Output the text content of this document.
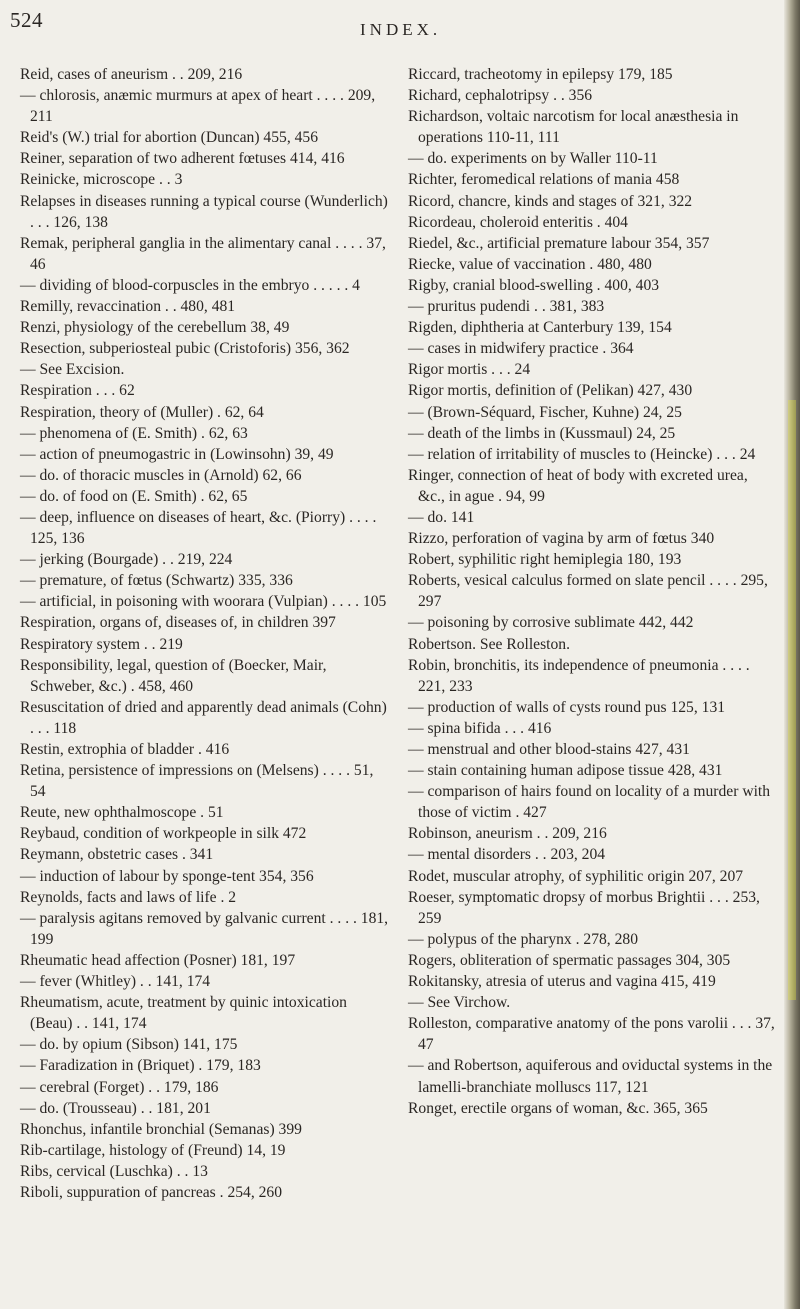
524	INDEX.
Reid, cases of aneurism . . 209, 216
— chlorosis, anæmic murmurs at apex of heart . . . . 209, 211
Reid's (W.) trial for abortion (Duncan) 455, 456
Reiner, separation of two adherent fœtuses 414, 416
Reinicke, microscope . . 3
Relapses in diseases running a typical course (Wunderlich) . . . 126, 138
Remak, peripheral ganglia in the alimentary canal . . . . 37, 46
— dividing of blood-corpuscles in the embryo . . . . . 4
Remilly, revaccination . . 480, 481
Renzi, physiology of the cerebellum 38, 49
Resection, subperiosteal pubic (Cristoforis) 356, 362
— See Excision.
Respiration . . . 62
Respiration, theory of (Muller) . 62, 64
— phenomena of (E. Smith) . 62, 63
— action of pneumogastric in (Lowinsohn) 39, 49
— do. of thoracic muscles in (Arnold) 62, 66
— do. of food on (E. Smith) . 62, 65
— deep, influence on diseases of heart, &c. (Piorry) . . . . 125, 136
— jerking (Bourgade) . . 219, 224
— premature, of fœtus (Schwartz) 335, 336
— artificial, in poisoning with woorara (Vulpian) . . . . 105
Respiration, organs of, diseases of, in children 397
Respiratory system . . 219
Responsibility, legal, question of (Boecker, Mair, Schweber, &c.) . 458, 460
Resuscitation of dried and apparently dead animals (Cohn) . . . 118
Restin, extrophia of bladder . 416
Retina, persistence of impressions on (Melsens) . . . . 51, 54
Reute, new ophthalmoscope . 51
Reybaud, condition of workpeople in silk 472
Reymann, obstetric cases . 341
— induction of labour by sponge-tent 354, 356
Reynolds, facts and laws of life . 2
— paralysis agitans removed by galvanic current . . . . 181, 199
Rheumatic head affection (Posner) 181, 197
— fever (Whitley) . . 141, 174
Rheumatism, acute, treatment by quinic intoxication (Beau) . . 141, 174
— do. by opium (Sibson) 141, 175
— Faradization in (Briquet) . 179, 183
— cerebral (Forget) . . 179, 186
— do. (Trousseau) . . 181, 201
Rhonchus, infantile bronchial (Semanas) 399
Rib-cartilage, histology of (Freund) 14, 19
Ribs, cervical (Luschka) . . 13
Riboli, suppuration of pancreas . 254, 260
Riccard, tracheotomy in epilepsy 179, 185
Richard, cephalotripsy . . 356
Richardson, voltaic narcotism for local anæsthesia in operations 110-11, 111
— do. experiments on by Waller 110-11
Richter, feromedical relations of mania 458
Ricord, chancre, kinds and stages of 321, 322
Ricordeau, choleroid enteritis . 404
Riedel, &c., artificial premature labour 354, 357
Riecke, value of vaccination . 480, 480
Rigby, cranial blood-swelling . 400, 403
— pruritus pudendi . . 381, 383
Rigden, diphtheria at Canterbury 139, 154
— cases in midwifery practice . 364
Rigor mortis . . . 24
Rigor mortis, definition of (Pelikan) 427, 430
— (Brown-Séquard, Fischer, Kuhne) 24, 25
— death of the limbs in (Kussmaul) 24, 25
— relation of irritability of muscles to (Heincke) . . . 24
Ringer, connection of heat of body with excreted urea, &c., in ague . 94, 99
— do. 141
Rizzo, perforation of vagina by arm of fœtus 340
Robert, syphilitic right hemiplegia 180, 193
Roberts, vesical calculus formed on slate pencil . . . . 295, 297
— poisoning by corrosive sublimate 442, 442
Robertson. See Rolleston.
Robin, bronchitis, its independence of pneumonia . . . . 221, 233
— production of walls of cysts round pus 125, 131
— spina bifida . . . 416
— menstrual and other blood-stains 427, 431
— stain containing human adipose tissue 428, 431
— comparison of hairs found on locality of a murder with those of victim . 427
Robinson, aneurism . . 209, 216
— mental disorders . . 203, 204
Rodet, muscular atrophy, of syphilitic origin 207, 207
Roeser, symptomatic dropsy of morbus Brightii . . . 253, 259
— polypus of the pharynx . 278, 280
Rogers, obliteration of spermatic passages 304, 305
Rokitansky, atresia of uterus and vagina 415, 419
— See Virchow.
Rolleston, comparative anatomy of the pons varolii . . . 37, 47
— and Robertson, aquiferous and oviductal systems in the lamelli-branchiate molluscs 117, 121
Ronget, erectile organs of woman, &c. 365, 365
